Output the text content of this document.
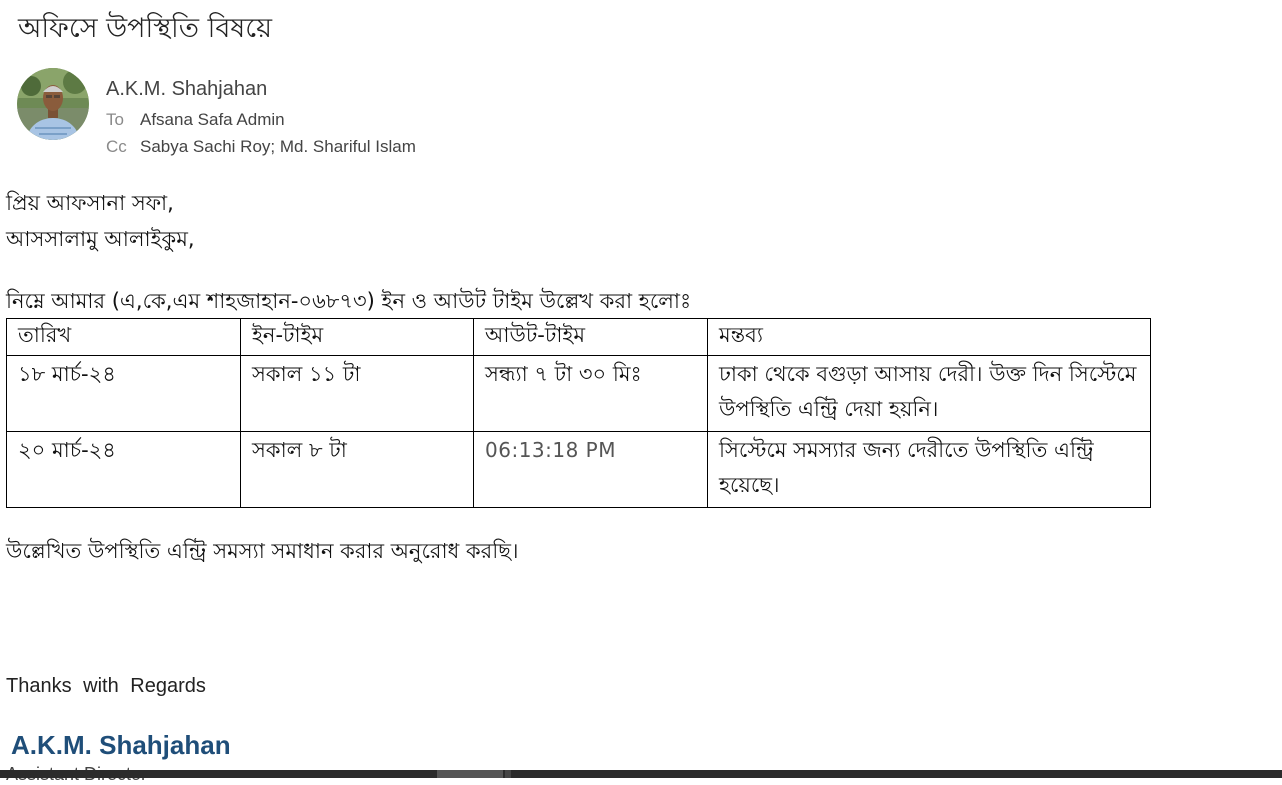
অফিসে উপস্থিতি বিষয়ে
A.K.M. Shahjahan
To Afsana Safa Admin
Cc Sabya Sachi Roy; Md. Shariful Islam
প্রিয় আফসানা সফা,
আসসালামু আলাইকুম,
নিম্নে আমার (এ,কে,এম শাহজাহান-০৬৮৭৩) ইন ও আউট টাইম উল্লেখ করা হলোঃ
তারিখ	ইন-টাইম	আউট-টাইম	মন্তব্য
১৮ মার্চ-২৪	সকাল ১১ টা	সন্ধ্যা ৭ টা ৩০ মিঃ	ঢাকা থেকে বগুড়া আসায় দেরী। উক্ত দিন সিস্টেমে উপস্থিতি এন্ট্রি দেয়া হয়নি।
২০ মার্চ-২৪	সকাল ৮ টা	06:13:18 PM	সিস্টেমে সমস্যার জন্য দেরীতে উপস্থিতি এন্ট্রি হয়েছে।
উল্লেখিত উপস্থিতি এন্ট্রি সমস্যা সমাধান করার অনুরোধ করছি।
Thanks with Regards
A.K.M. Shahjahan
